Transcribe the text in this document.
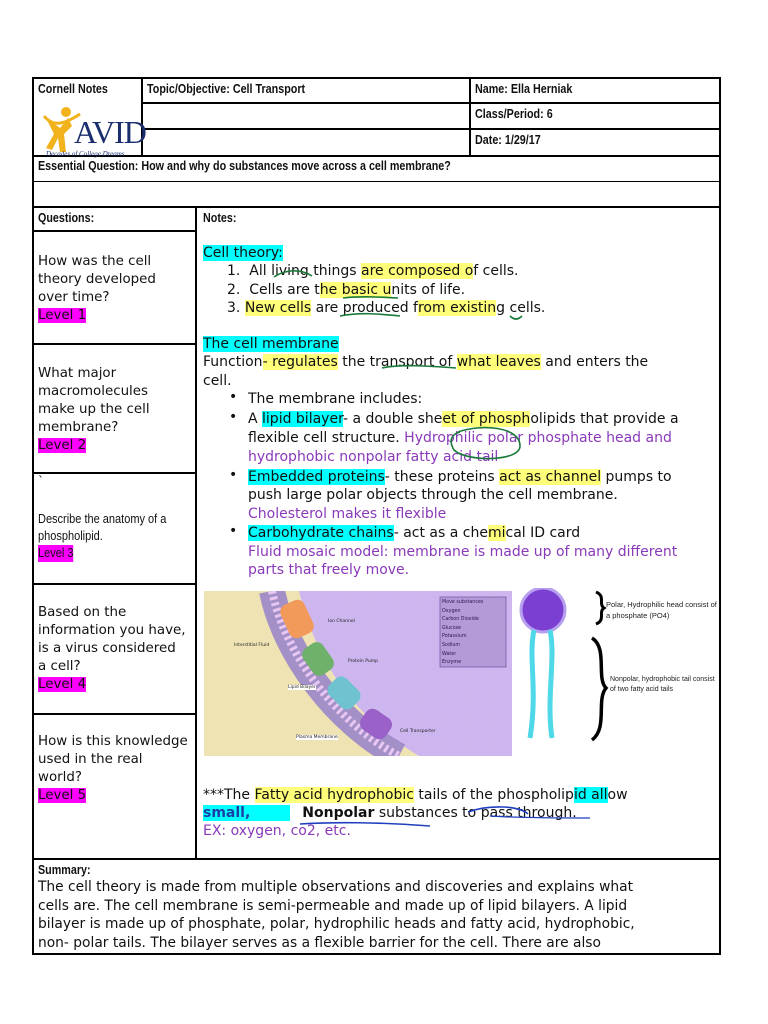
Cornell Notes	Topic/Objective: Cell Transport	Name: Ella Herniak
Class/Period: 6
Date: 1/29/17
AVID
Decades of College Dreams
Essential Question: How and why do substances move across a cell membrane?
Questions:
How was the cell theory developed over time?
Level 1
What major macromolecules make up the cell membrane?
Level 2
`
Describe the anatomy of a phospholipid.
Level 3
Based on the information you have, is a virus considered a cell?
Level 4
How is this knowledge used in the real world?
Level 5
Notes:
Cell theory:
1. All living things are composed of cells.
2. Cells are the basic units of life.
3. New cells are produced from existing cells.
The cell membrane
Function- regulates the transport of what leaves and enters the
cell.
• The membrane includes:
• A lipid bilayer- a double sheet of phospholipids that provide a
flexible cell structure. Hydrophilic polar phosphate head and
hydrophobic nonpolar fatty acid tail
• Embedded proteins- these proteins act as channel pumps to
push large polar objects through the cell membrane.
Cholesterol makes it flexible
• Carbohydrate chains- act as a chemical ID card
Fluid mosaic model: membrane is made up of many different
parts that freely move.
Move substances
Oxygen
Carbon Dioxide
Glucose
Potassium
Sodium
Water
Enzyme
Ion Channel
Interstitial Fluid
Protein Pump
Lipid Bilayer
Plasma Membrane
Cell Transporter
Polar, Hydrophilic head consist of a phosphate (PO4)
Nonpolar, hydrophobic tail consist of two fatty acid tails
***The Fatty acid hydrophobic tails of the phospholipid allow
small,	Nonpolar substances to pass through.
EX: oxygen, co2, etc.
Summary:
The cell theory is made from multiple observations and discoveries and explains what
cells are. The cell membrane is semi-permeable and made up of lipid bilayers. A lipid
bilayer is made up of phosphate, polar, hydrophilic heads and fatty acid, hydrophobic,
non- polar tails. The bilayer serves as a flexible barrier for the cell. There are also
